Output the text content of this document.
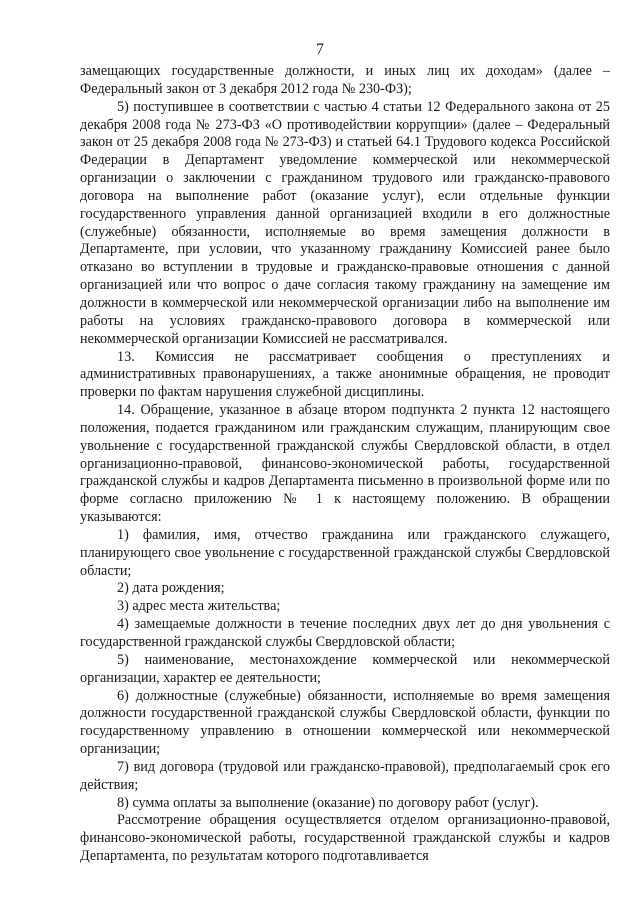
7

замещающих государственные должности, и иных лиц их доходам» (далее – Федеральный закон от 3 декабря 2012 года № 230-ФЗ);

5) поступившее в соответствии с частью 4 статьи 12 Федерального закона от 25 декабря 2008 года № 273-ФЗ «О противодействии коррупции» (далее – Федеральный закон от 25 декабря 2008 года № 273-ФЗ) и статьей 64.1 Трудового кодекса Российской Федерации в Департамент уведомление коммерческой или некоммерческой организации о заключении с гражданином трудового или гражданско-правового договора на выполнение работ (оказание услуг), если отдельные функции государственного управления данной организацией входили в его должностные (служебные) обязанности, исполняемые во время замещения должности в Департаменте, при условии, что указанному гражданину Комиссией ранее было отказано во вступлении в трудовые и гражданско-правовые отношения с данной организацией или что вопрос о даче согласия такому гражданину на замещение им должности в коммерческой или некоммерческой организации либо на выполнение им работы на условиях гражданско-правового договора в коммерческой или некоммерческой организации Комиссией не рассматривался.

13. Комиссия не рассматривает сообщения о преступлениях и административных правонарушениях, а также анонимные обращения, не проводит проверки по фактам нарушения служебной дисциплины.

14. Обращение, указанное в абзаце втором подпункта 2 пункта 12 настоящего положения, подается гражданином или гражданским служащим, планирующим свое увольнение с государственной гражданской службы Свердловской области, в отдел организационно-правовой, финансово-экономической работы, государственной гражданской службы и кадров Департамента письменно в произвольной форме или по форме согласно приложению № 1 к настоящему положению. В обращении указываются:

1) фамилия, имя, отчество гражданина или гражданского служащего, планирующего свое увольнение с государственной гражданской службы Свердловской области;

2) дата рождения;

3) адрес места жительства;

4) замещаемые должности в течение последних двух лет до дня увольнения с государственной гражданской службы Свердловской области;

5) наименование, местонахождение коммерческой или некоммерческой организации, характер ее деятельности;

6) должностные (служебные) обязанности, исполняемые во время замещения должности государственной гражданской службы Свердловской области, функции по государственному управлению в отношении коммерческой или некоммерческой организации;

7) вид договора (трудовой или гражданско-правовой), предполагаемый срок его действия;

8) сумма оплаты за выполнение (оказание) по договору работ (услуг).

Рассмотрение обращения осуществляется отделом организационно-правовой, финансово-экономической работы, государственной гражданской службы и кадров Департамента, по результатам которого подготавливается
